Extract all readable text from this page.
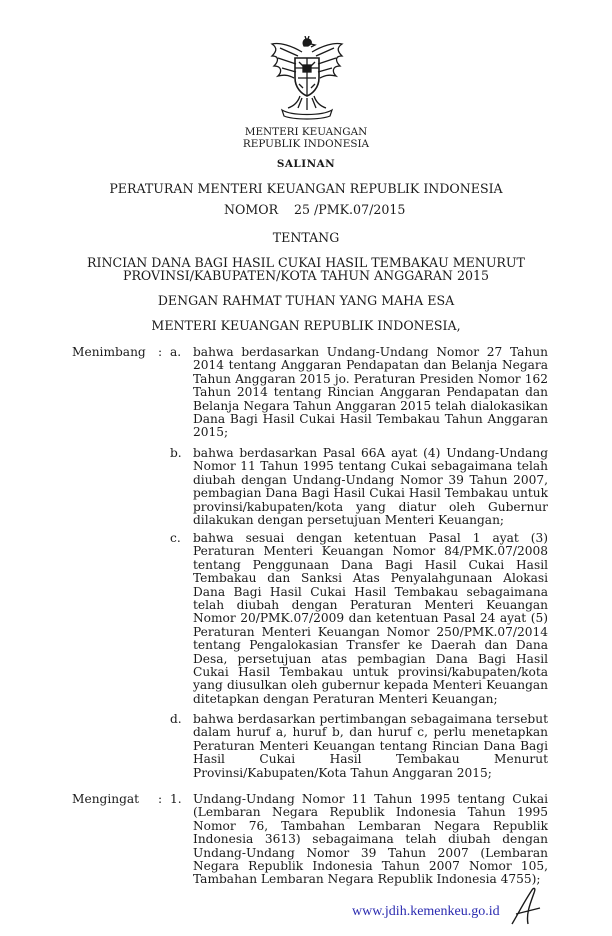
MENTERI KEUANGAN
REPUBLIK INDONESIA
SALINAN
PERATURAN MENTERI KEUANGAN REPUBLIK INDONESIA
NOMOR 25 /PMK.07/2015
TENTANG
RINCIAN DANA BAGI HASIL CUKAI HASIL TEMBAKAU MENURUT
PROVINSI/KABUPATEN/KOTA TAHUN ANGGARAN 2015
DENGAN RAHMAT TUHAN YANG MAHA ESA
MENTERI KEUANGAN REPUBLIK INDONESIA,
Menimbang : a. bahwa berdasarkan Undang-Undang Nomor 27 Tahun 2014 tentang Anggaran Pendapatan dan Belanja Negara Tahun Anggaran 2015 jo. Peraturan Presiden Nomor 162 Tahun 2014 tentang Rincian Anggaran Pendapatan dan Belanja Negara Tahun Anggaran 2015 telah dialokasikan Dana Bagi Hasil Cukai Hasil Tembakau Tahun Anggaran 2015;
b. bahwa berdasarkan Pasal 66A ayat (4) Undang-Undang Nomor 11 Tahun 1995 tentang Cukai sebagaimana telah diubah dengan Undang-Undang Nomor 39 Tahun 2007, pembagian Dana Bagi Hasil Cukai Hasil Tembakau untuk provinsi/kabupaten/kota yang diatur oleh Gubernur dilakukan dengan persetujuan Menteri Keuangan;
c. bahwa sesuai dengan ketentuan Pasal 1 ayat (3) Peraturan Menteri Keuangan Nomor 84/PMK.07/2008 tentang Penggunaan Dana Bagi Hasil Cukai Hasil Tembakau dan Sanksi Atas Penyalahgunaan Alokasi Dana Bagi Hasil Cukai Hasil Tembakau sebagaimana telah diubah dengan Peraturan Menteri Keuangan Nomor 20/PMK.07/2009 dan ketentuan Pasal 24 ayat (5) Peraturan Menteri Keuangan Nomor 250/PMK.07/2014 tentang Pengalokasian Transfer ke Daerah dan Dana Desa, persetujuan atas pembagian Dana Bagi Hasil Cukai Hasil Tembakau untuk provinsi/kabupaten/kota yang diusulkan oleh gubernur kepada Menteri Keuangan ditetapkan dengan Peraturan Menteri Keuangan;
d. bahwa berdasarkan pertimbangan sebagaimana tersebut dalam huruf a, huruf b, dan huruf c, perlu menetapkan Peraturan Menteri Keuangan tentang Rincian Dana Bagi Hasil Cukai Hasil Tembakau Menurut Provinsi/Kabupaten/Kota Tahun Anggaran 2015;
Mengingat : 1. Undang-Undang Nomor 11 Tahun 1995 tentang Cukai (Lembaran Negara Republik Indonesia Tahun 1995 Nomor 76, Tambahan Lembaran Negara Republik Indonesia 3613) sebagaimana telah diubah dengan Undang-Undang Nomor 39 Tahun 2007 (Lembaran Negara Republik Indonesia Tahun 2007 Nomor 105, Tambahan Lembaran Negara Republik Indonesia 4755);
www.jdih.kemenkeu.go.id
